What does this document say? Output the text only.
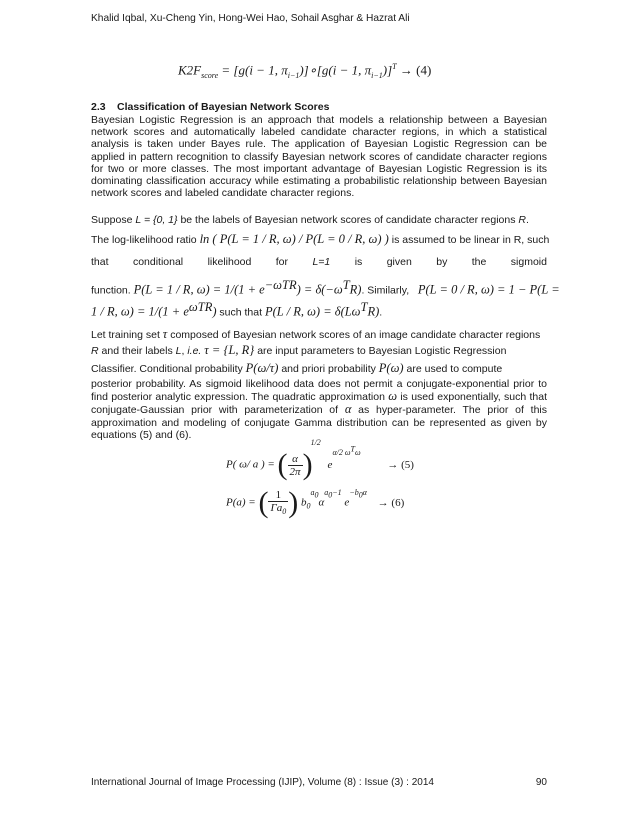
Khalid Iqbal, Xu-Cheng Yin, Hong-Wei Hao, Sohail Asghar & Hazrat Ali
$K2F_{score} = [g(i - 1$, $\pi_{i-1})]\circ[g(i - 1$, $\pi_{i-1})]^T \to (4)$
2.3 Classification of Bayesian Network Scores

Bayesian Logistic Regression is an approach that models a relationship between a Bayesian network scores and automatically labeled candidate character regions, in which a statistical analysis is taken under Bayes rule. The application of Bayesian Logistic Regression can be applied in pattern recognition to classify Bayesian network scores of candidate character regions for two or more classes. The most important advantage of Bayesian Logistic Regression is its dominating classification accuracy while estimating a probabilistic relationship between Bayesian network scores and labeled candidate character regions.

Suppose L = {0, 1} be the labels of Bayesian network scores of candidate character regions R.
The log-likelihood ratio ln ( P(L = 1 / R, ω) / P(L = 0 / R, ω) ) is assumed to be linear in R, such
that conditional likelihood for L=1 is given by the sigmoid
function. P(L = 1 / R, $\omega) = 1/(1 + e^{-\omega TR}) = \delta(-\omega^TR)$. Similarly, P(L = 0 / R, ω) = 1 − P(L =
1 / R, $\omega) = 1/(1 + e^{\omega TR})$ such that P(L / R, $\omega) = \delta(L\omega^TR)$.
Let training set τ composed of Bayesian network scores of an image candidate character regions
R and their labels L, i.e. τ = {L, R} are input parameters to Bayesian Logistic Regression
Classifier. Conditional probability P(ω/τ) and priori probability P(ω) are used to compute

posterior probability. As sigmoid likelihood data does not permit a conjugate-exponential prior to find posterior analytic expression. The quadratic approximation ω is used exponentially, such that conjugate-Gaussian prior with parameterization of α as hyper-parameter. The prior of this approximation and modeling of conjugate Gamma distribution can be represented as given by equations (5) and (6).

P( ω/ a ) = ( $\frac{\alpha}{2\pi} )^{1/2}$ $e^{\alpha/2 \omega^T\omega} \to (5)$
P(a) = ( $\frac{1}{\Gamma a_0}$ ) $b_0^{a_0}\alpha^{a_0-1}$ $e^{-b_0\alpha} \to (6)$
International Journal of Image Processing (IJIP), Volume (8) : Issue (3) : 2014	90
